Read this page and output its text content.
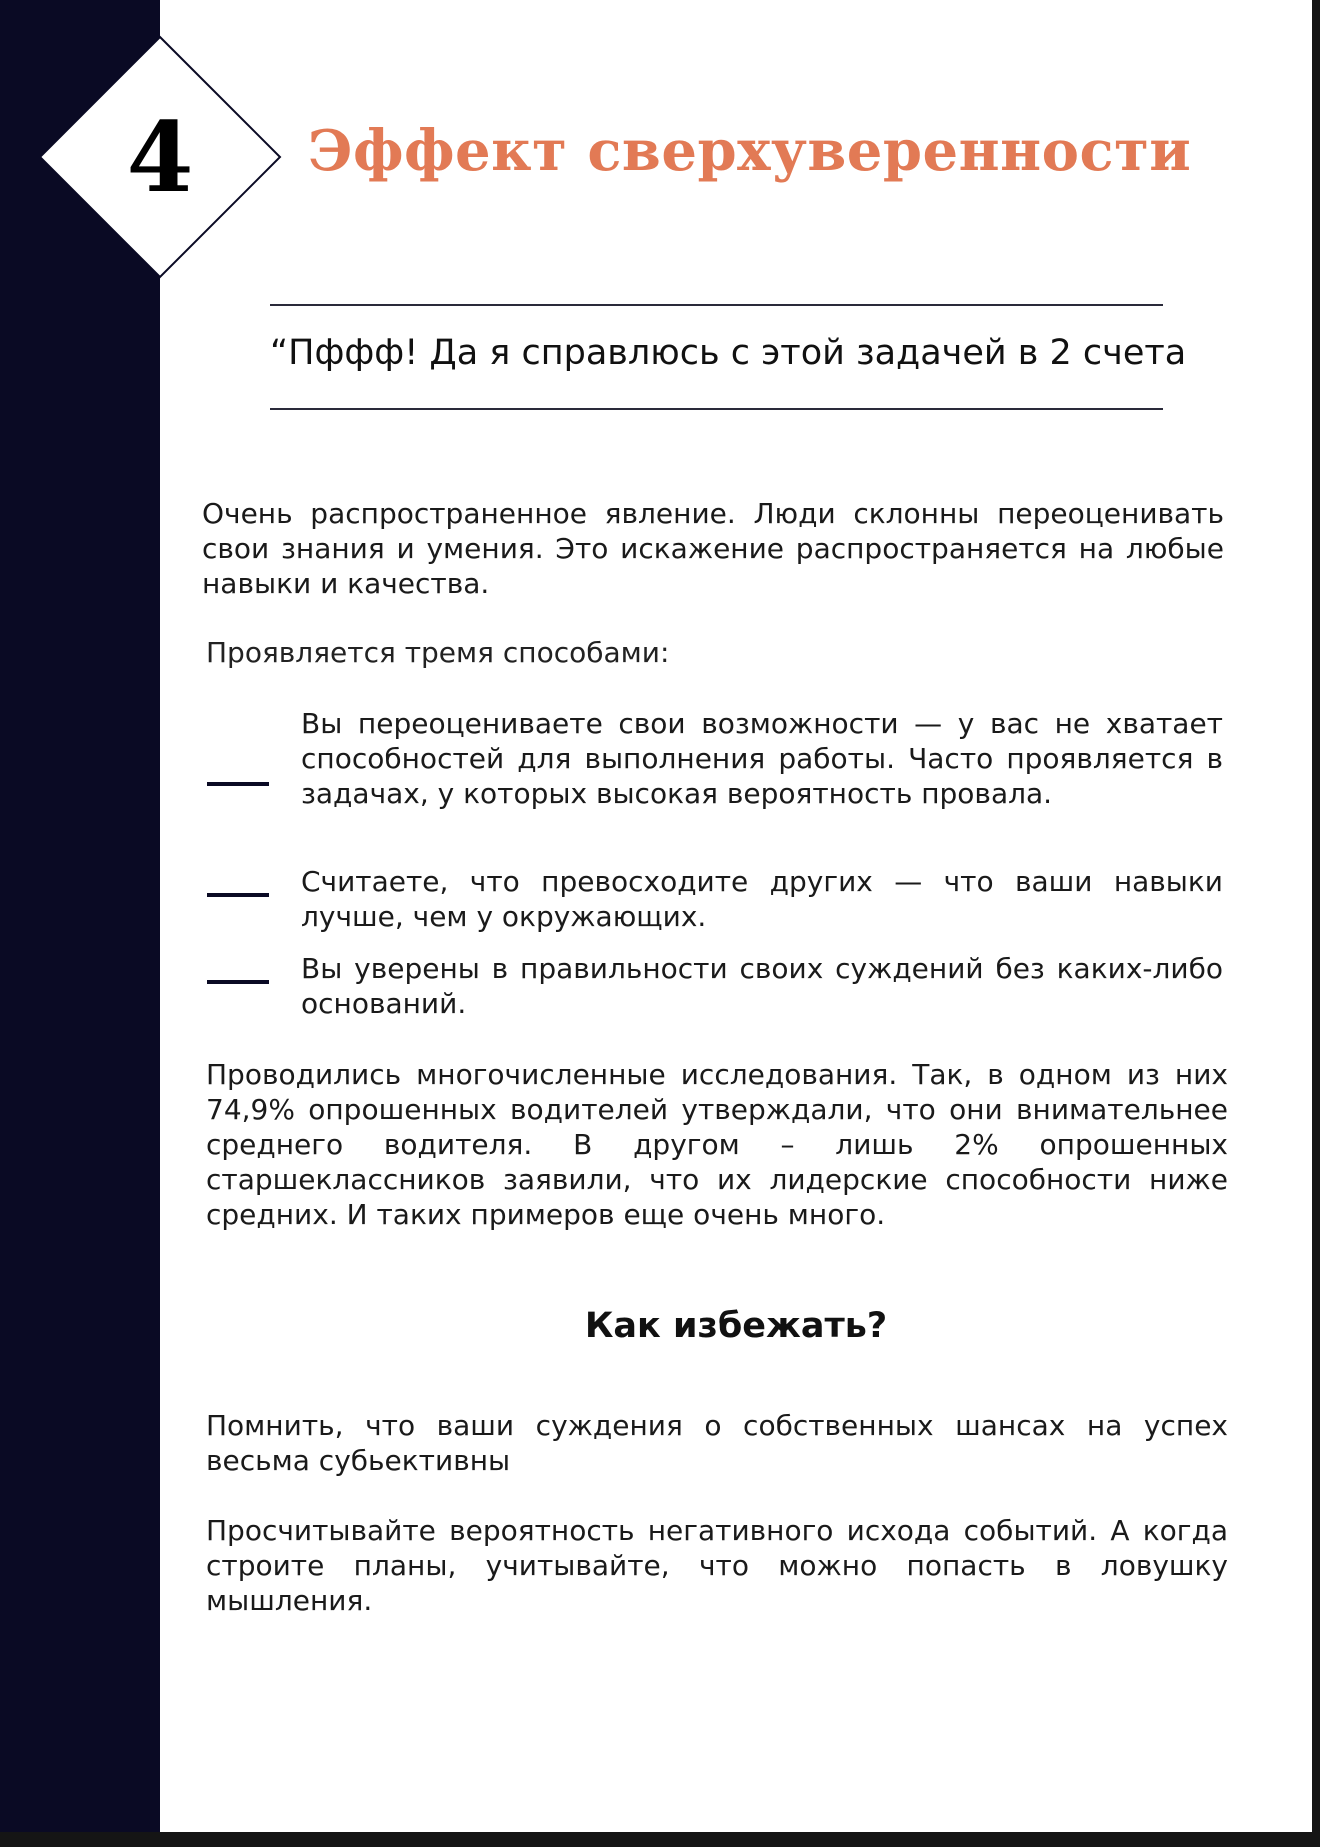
4	Эффект сверхуверенности
“Пффф! Да я справлюсь с этой задачей в 2 счета
Очень распространенное явление. Люди склонны переоценивать свои знания и умения. Это искажение распространяется на любые навыки и качества.
Проявляется тремя способами:
Вы переоцениваете свои возможности — у вас не хватает способностей для выполнения работы. Часто проявляется в задачах, у которых высокая вероятность провала.
Считаете, что превосходите других — что ваши навыки лучше, чем у окружающих.
Вы уверены в правильности своих суждений без каких-либо оснований.
Проводились многочисленные исследования. Так, в одном из них 74,9% опрошенных водителей утверждали, что они внимательнее среднего водителя. В другом – лишь 2% опрошенных старшеклассников заявили, что их лидерские способности ниже средних. И таких примеров еще очень много.
Как избежать?
Помнить, что ваши суждения о собственных шансах на успех весьма субьективны
Просчитывайте вероятность негативного исхода событий. А когда строите планы, учитывайте, что можно попасть в ловушку мышления.
